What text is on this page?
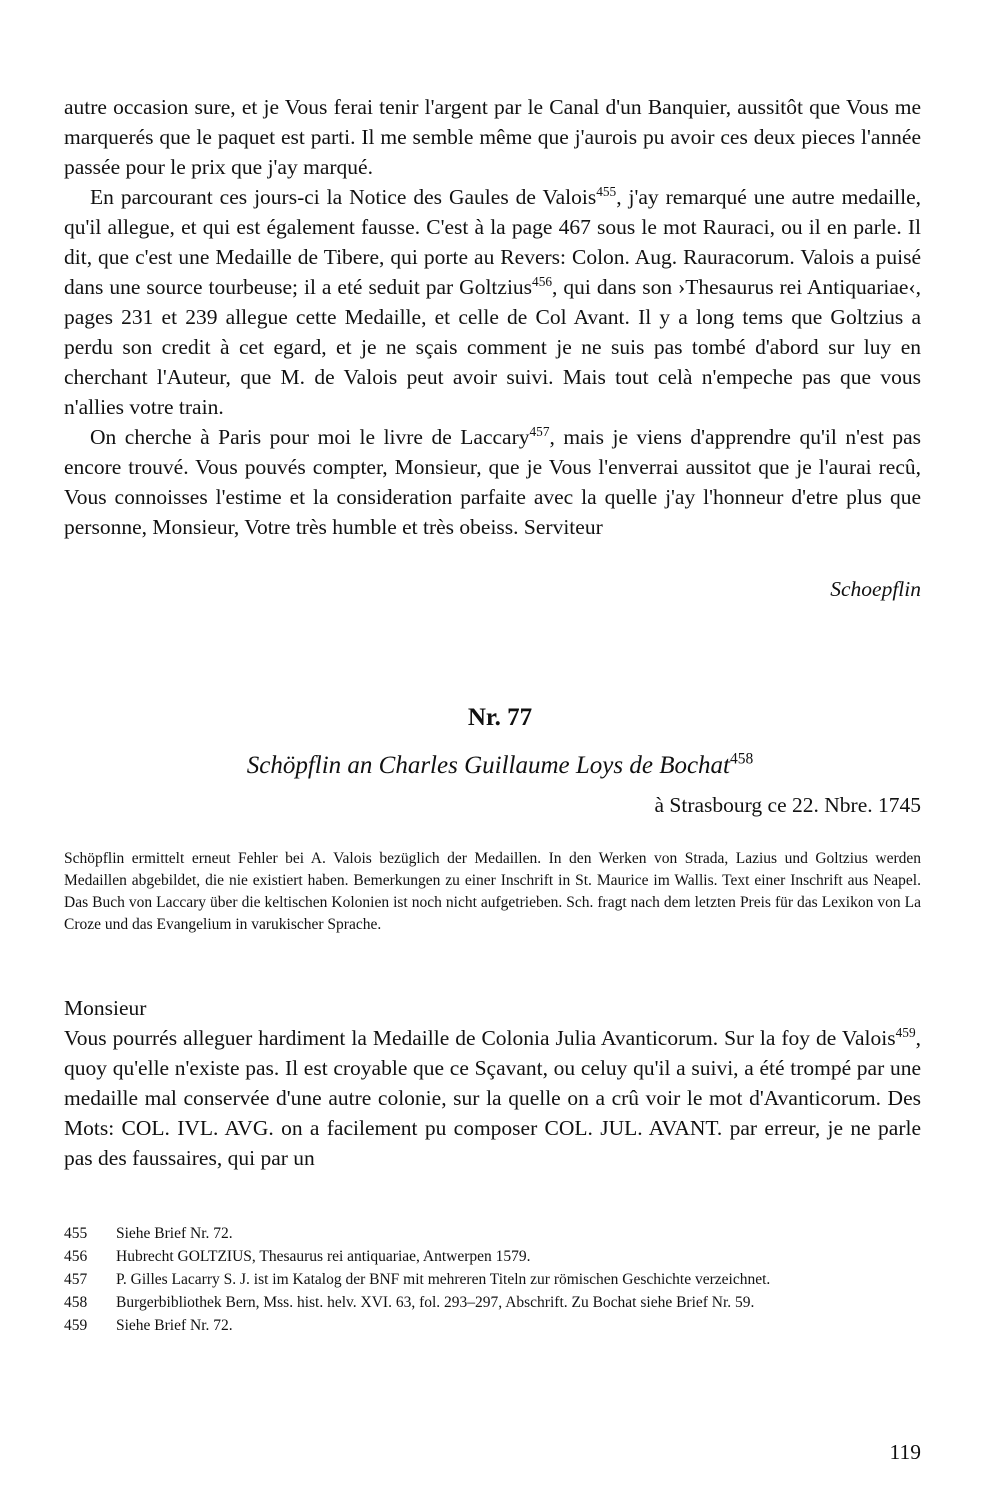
autre occasion sure, et je Vous ferai tenir l'argent par le Canal d'un Banquier, aussitôt que Vous me marquerés que le paquet est parti. Il me semble même que j'aurois pu avoir ces deux pieces l'année passée pour le prix que j'ay marqué.

En parcourant ces jours-ci la Notice des Gaules de Valois$^{455}$, j'ay remarqué une autre medaille, qu'il allegue, et qui est également fausse. C'est à la page 467 sous le mot Rauraci, ou il en parle. Il dit, que c'est une Medaille de Tibere, qui porte au Revers: Colon. Aug. Rauracorum. Valois a puisé dans une source tourbeuse; il a eté seduit par Goltzius$^{456}$, qui dans son ›Thesaurus rei Antiquariae‹, pages 231 et 239 allegue cette Medaille, et celle de Col Avant. Il y a long tems que Goltzius a perdu son credit à cet egard, et je ne sçais comment je ne suis pas tombé d'abord sur luy en cherchant l'Auteur, que M. de Valois peut avoir suivi. Mais tout celà n'empeche pas que vous n'allies votre train.

On cherche à Paris pour moi le livre de Laccary$^{457}$, mais je viens d'apprendre qu'il n'est pas encore trouvé. Vous pouvés compter, Monsieur, que je Vous l'enverrai aussitot que je l'aurai recû, Vous connoisses l'estime et la consideration parfaite avec la quelle j'ay l'honneur d'etre plus que personne, Monsieur, Votre très humble et très obeiss. Serviteur

Schoepflin
Nr. 77
Schöpflin an Charles Guillaume Loys de Bochat$^{458}$
à Strasbourg ce 22. Nbre. 1745

Schöpflin ermittelt erneut Fehler bei A. Valois bezüglich der Medaillen. In den Werken von Strada, Lazius und Goltzius werden Medaillen abgebildet, die nie existiert haben. Bemerkungen zu einer Inschrift in St. Maurice im Wallis. Text einer Inschrift aus Neapel. Das Buch von Laccary über die keltischen Kolonien ist noch nicht aufgetrieben. Sch. fragt nach dem letzten Preis für das Lexikon von La Croze und das Evangelium in varukischer Sprache.

Monsieur

Vous pourrés alleguer hardiment la Medaille de Colonia Julia Avanticorum. Sur la foy de Valois$^{459}$, quoy qu'elle n'existe pas. Il est croyable que ce Sçavant, ou celuy qu'il a suivi, a été trompé par une medaille mal conservée d'une autre colonie, sur la quelle on a crû voir le mot d'Avanticorum. Des Mots: COL. IVL. AVG. on a facilement pu composer COL. JUL. AVANT. par erreur, je ne parle pas des faussaires, qui par un

455 Siehe Brief Nr. 72.
456 Hubrecht GOLTZIUS, Thesaurus rei antiquariae, Antwerpen 1579.
457 P. Gilles Lacarry S. J. ist im Katalog der BNF mit mehreren Titeln zur römischen Geschichte verzeichnet.
458 Burgerbibliothek Bern, Mss. hist. helv. XVI. 63, fol. 293–297, Abschrift. Zu Bochat siehe Brief Nr. 59.
459 Siehe Brief Nr. 72.
119
